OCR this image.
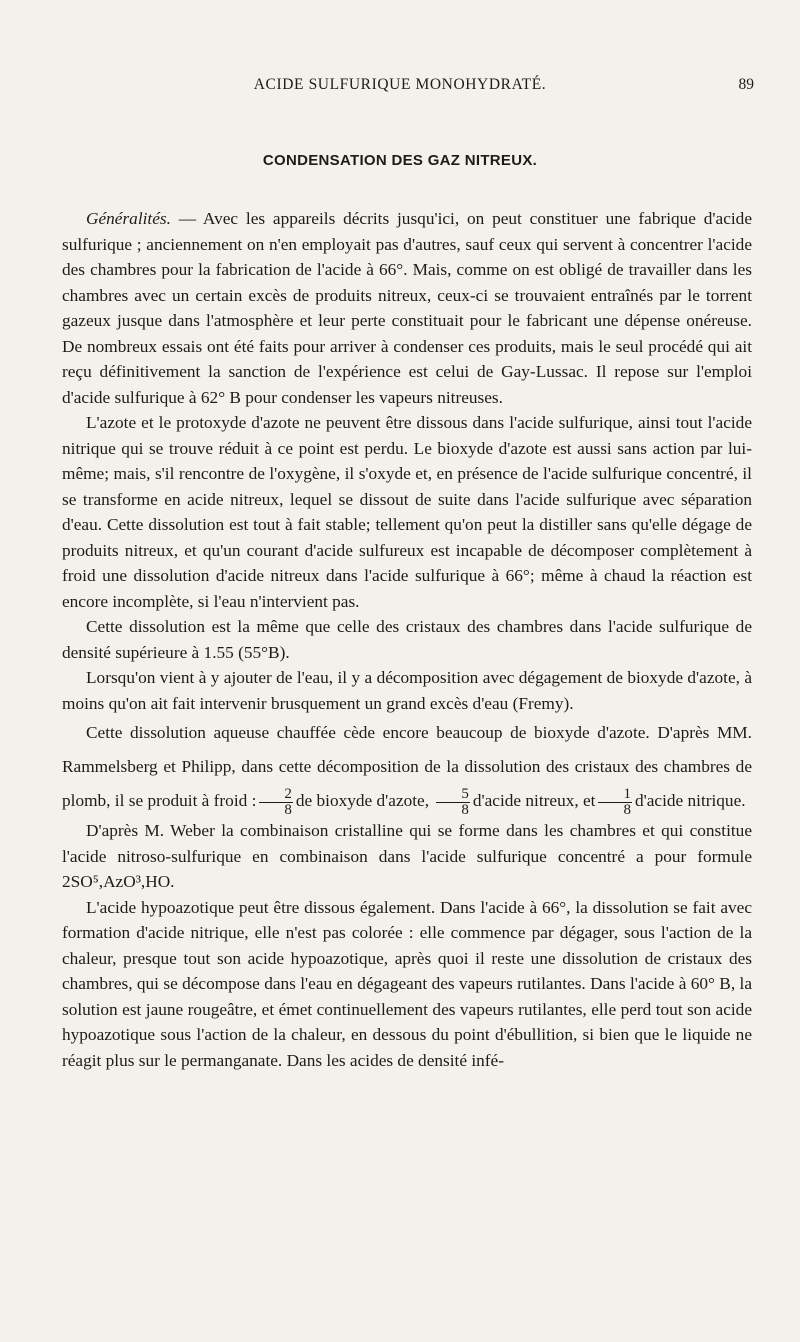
ACIDE SULFURIQUE MONOHYDRATÉ.	89
CONDENSATION DES GAZ NITREUX.

Généralités. — Avec les appareils décrits jusqu'ici, on peut constituer une fabrique d'acide sulfurique ; anciennement on n'en employait pas d'autres, sauf ceux qui servent à concentrer l'acide des chambres pour la fabrication de l'acide à 66°. Mais, comme on est obligé de travailler dans les chambres avec un certain excès de produits nitreux, ceux-ci se trouvaient entraînés par le torrent gazeux jusque dans l'atmosphère et leur perte constituait pour le fabricant une dépense onéreuse. De nombreux essais ont été faits pour arriver à condenser ces produits, mais le seul procédé qui ait reçu définitivement la sanction de l'expérience est celui de Gay-Lussac. Il repose sur l'emploi d'acide sulfurique à 62° B pour condenser les vapeurs nitreuses.

L'azote et le protoxyde d'azote ne peuvent être dissous dans l'acide sulfurique, ainsi tout l'acide nitrique qui se trouve réduit à ce point est perdu. Le bioxyde d'azote est aussi sans action par lui-même; mais, s'il rencontre de l'oxygène, il s'oxyde et, en présence de l'acide sulfurique concentré, il se transforme en acide nitreux, lequel se dissout de suite dans l'acide sulfurique avec séparation d'eau. Cette dissolution est tout à fait stable; tellement qu'on peut la distiller sans qu'elle dégage de produits nitreux, et qu'un courant d'acide sulfureux est incapable de décomposer complètement à froid une dissolution d'acide nitreux dans l'acide sulfurique à 66°; même à chaud la réaction est encore incomplète, si l'eau n'intervient pas.

Cette dissolution est la même que celle des cristaux des chambres dans l'acide sulfurique de densité supérieure à 1.55 (55°B).

Lorsqu'on vient à y ajouter de l'eau, il y a décomposition avec dégagement de bioxyde d'azote, à moins qu'on ait fait intervenir brusquement un grand excès d'eau (Fremy).

Cette dissolution aqueuse chauffée cède encore beaucoup de bioxyde d'azote. D'après MM. Rammelsberg et Philipp, dans cette décomposition de la dissolution des cristaux des chambres de plomb, il se produit à froid : $\frac{2}{8}$ de bioxyde d'azote, $\frac{5}{8}$ d'acide nitreux, et $\frac{1}{8}$ d'acide nitrique.

D'après M. Weber la combinaison cristalline qui se forme dans les chambres et qui constitue l'acide nitroso-sulfurique en combinaison dans l'acide sulfurique concentré a pour formule 2SO⁵,AzO³,HO.

L'acide hypoazotique peut être dissous également. Dans l'acide à 66°, la dissolution se fait avec formation d'acide nitrique, elle n'est pas colorée : elle commence par dégager, sous l'action de la chaleur, presque tout son acide hypoazotique, après quoi il reste une dissolution de cristaux des chambres, qui se décompose dans l'eau en dégageant des vapeurs rutilantes. Dans l'acide à 60° B, la solution est jaune rougeâtre, et émet continuellement des vapeurs rutilantes, elle perd tout son acide hypoazotique sous l'action de la chaleur, en dessous du point d'ébullition, si bien que le liquide ne réagit plus sur le permanganate. Dans les acides de densité infé-
